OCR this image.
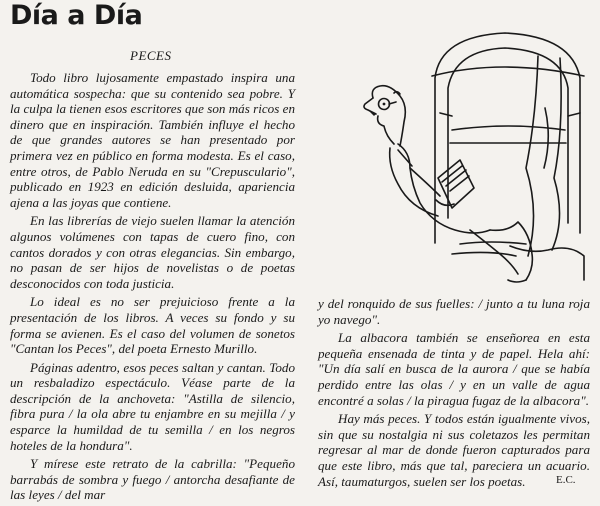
Día a Día
PECES

Todo libro lujosamente empastado inspira una automática sospecha: que su contenido sea pobre. Y la culpa la tienen esos escritores que son más ricos en dinero que en inspiración. También influye el hecho de que grandes autores se han presentado por primera vez en público en forma modesta. Es el caso, entre otros, de Pablo Neruda en su "Crepusculario", publicado en 1923 en edición desluida, apariencia ajena a las joyas que contiene.

En las librerías de viejo suelen llamar la atención algunos volúmenes con tapas de cuero fino, con cantos dorados y con otras elegancias. Sin embargo, no pasan de ser hijos de novelistas o de poetas desconocidos con toda justicia.

Lo ideal es no ser prejuicioso frente a la presentación de los libros. A veces su fondo y su forma se avienen. Es el caso del volumen de sonetos "Cantan los Peces", del poeta Ernesto Murillo.

Páginas adentro, esos peces saltan y cantan. Todo un resbaladizo espectáculo. Véase parte de la descripción de la anchoveta: "Astilla de silencio, fibra pura / la ola abre tu enjambre en su mejilla / y esparce la humildad de tu semilla / en los negros hoteles de la hondura".

Y mírese este retrato de la cabrilla: "Pequeño barrabás de sombra y fuego / antorcha desafiante de las leyes / del mar

y del ronquido de sus fuelles: / junto a tu luna roja yo navego".

La albacora también se enseñorea en esta pequeña ensenada de tinta y de papel. Hela ahí: "Un día salí en busca de la aurora / que se había perdido entre las olas / y en un valle de agua encontré a solas / la piragua fugaz de la albacora".

Hay más peces. Y todos están igualmente vivos, sin que su nostalgia ni sus coletazos les permitan regresar al mar de donde fueron capturados para que este libro, más que tal, pareciera un acuario. Así, taumaturgos, suelen ser los poetas.	E.C.
